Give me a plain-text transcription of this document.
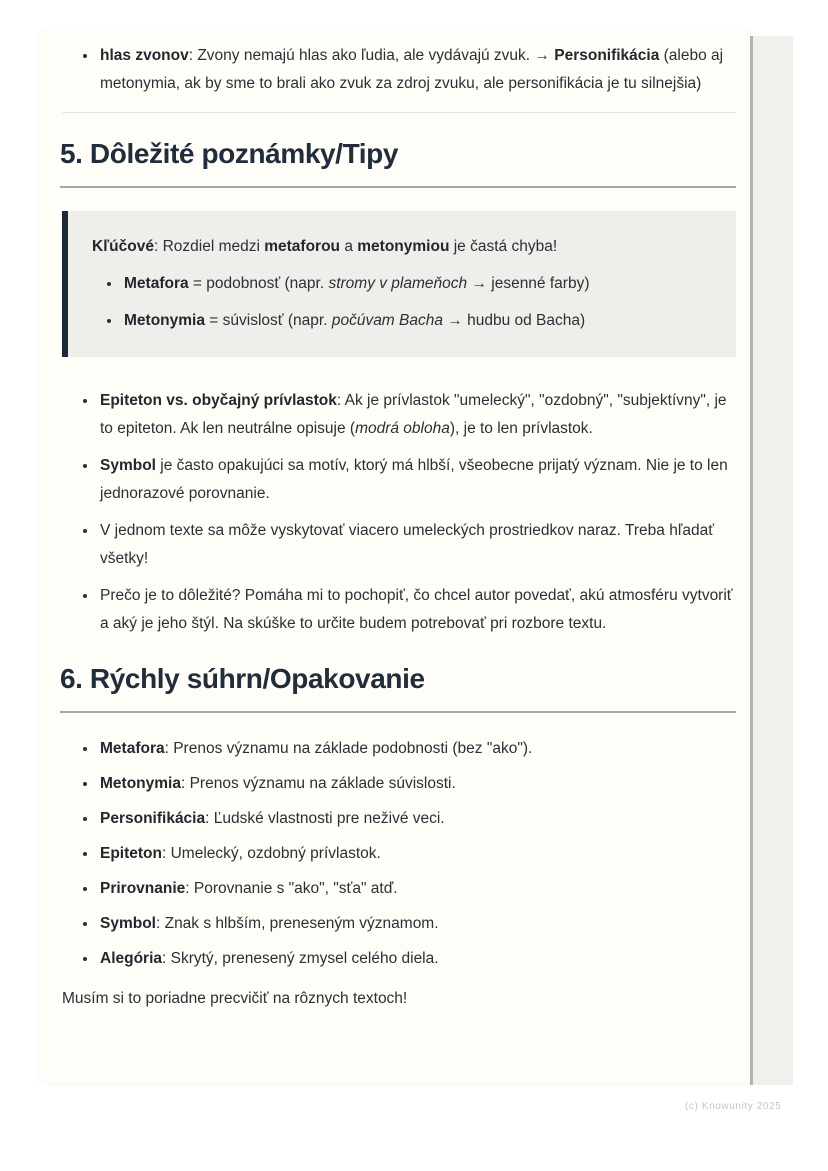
• hlas zvonov: Zvony nemajú hlas ako ľudia, ale vydávajú zvuk. → Personifikácia (alebo aj metonymia, ak by sme to brali ako zvuk za zdroj zvuku, ale personifikácia je tu silnejšia)
5. Dôležité poznámky/Tipy

Kľúčové: Rozdiel medzi metaforou a metonymiou je častá chyba!

• Metafora = podobnosť (napr. stromy v plameňoch → jesenné farby)
• Metonymia = súvislosť (napr. počúvam Bacha → hudbu od Bacha)
• Epiteton vs. obyčajný prívlastok: Ak je prívlastok "umelecký", "ozdobný", "subjektívny", je to epiteton. Ak len neutrálne opisuje (modrá obloha), je to len prívlastok.
• Symbol je často opakujúci sa motív, ktorý má hlbší, všeobecne prijatý význam. Nie je to len jednorazové porovnanie.
• V jednom texte sa môže vyskytovať viacero umeleckých prostriedkov naraz. Treba hľadať všetky!
• Prečo je to dôležité? Pomáha mi to pochopiť, čo chcel autor povedať, akú atmosféru vytvoriť a aký je jeho štýl. Na skúške to určite budem potrebovať pri rozbore textu.
6. Rýchly súhrn/Opakovanie
• Metafora: Prenos významu na základe podobnosti (bez "ako").
• Metonymia: Prenos významu na základe súvislosti.
• Personifikácia: Ľudské vlastnosti pre neživé veci.
• Epiteton: Umelecký, ozdobný prívlastok.
• Prirovnanie: Porovnanie s "ako", "sťa" atď.
• Symbol: Znak s hlbším, preneseným významom.
• Alegória: Skrytý, prenesený zmysel celého diela.

Musím si to poriadne precvičiť na rôznych textoch!

(c) Knowunity 2025
